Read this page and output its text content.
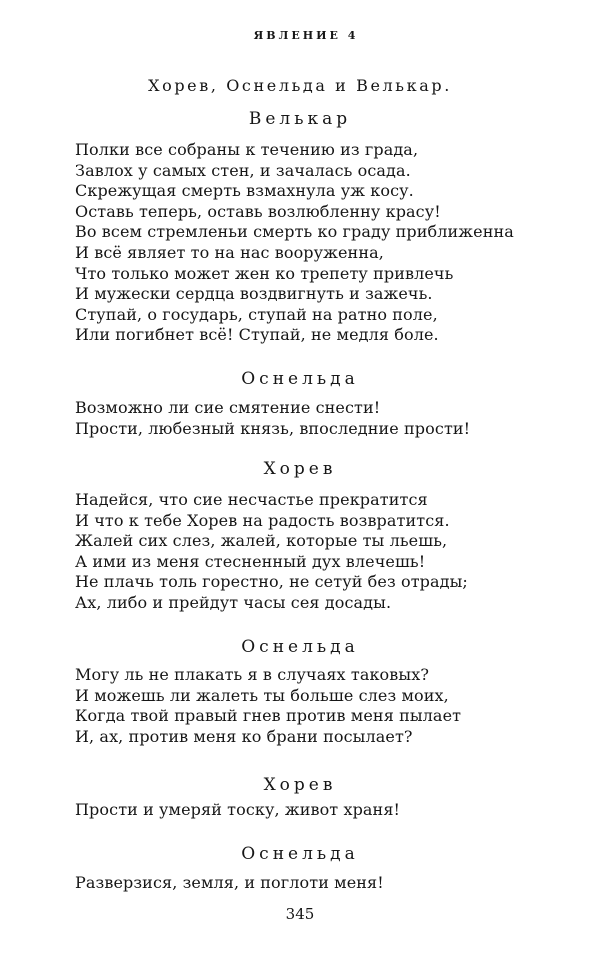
ЯВЛЕНИЕ 4
Хорев, Оснельда и Велькар.
Велькар
Полки все собраны к течению из града,
Завлох у самых стен, и зачалась осада.
Скрежущая смерть взмахнула уж косу.
Оставь теперь, оставь возлюбленну красу!
Во всем стремленьи смерть ко граду приближенна
И всё являет то на нас вооруженна,
Что только может жен ко трепету привлечь
И мужески сердца воздвигнуть и зажечь.
Ступай, о государь, ступай на ратно поле,
Или погибнет всё! Ступай, не медля боле.
Оснельда
Возможно ли сие смятение снести!
Прости, любезный князь, впоследние прости!
Хорев
Надейся, что сие несчастье прекратится
И что к тебе Хорев на радость возвратится.
Жалей сих слез, жалей, которые ты льешь,
А ими из меня стесненный дух влечешь!
Не плачь толь горестно, не сетуй без отрады;
Ах, либо и прейдут часы сея досады.
Оснельда
Могу ль не плакать я в случаях таковых?
И можешь ли жалеть ты больше слез моих,
Когда твой правый гнев против меня пылает
И, ах, против меня ко брани посылает?
Хорев
Прости и умеряй тоску, живот храня!
Оснельда
Разверзися, земля, и поглоти меня!
345
